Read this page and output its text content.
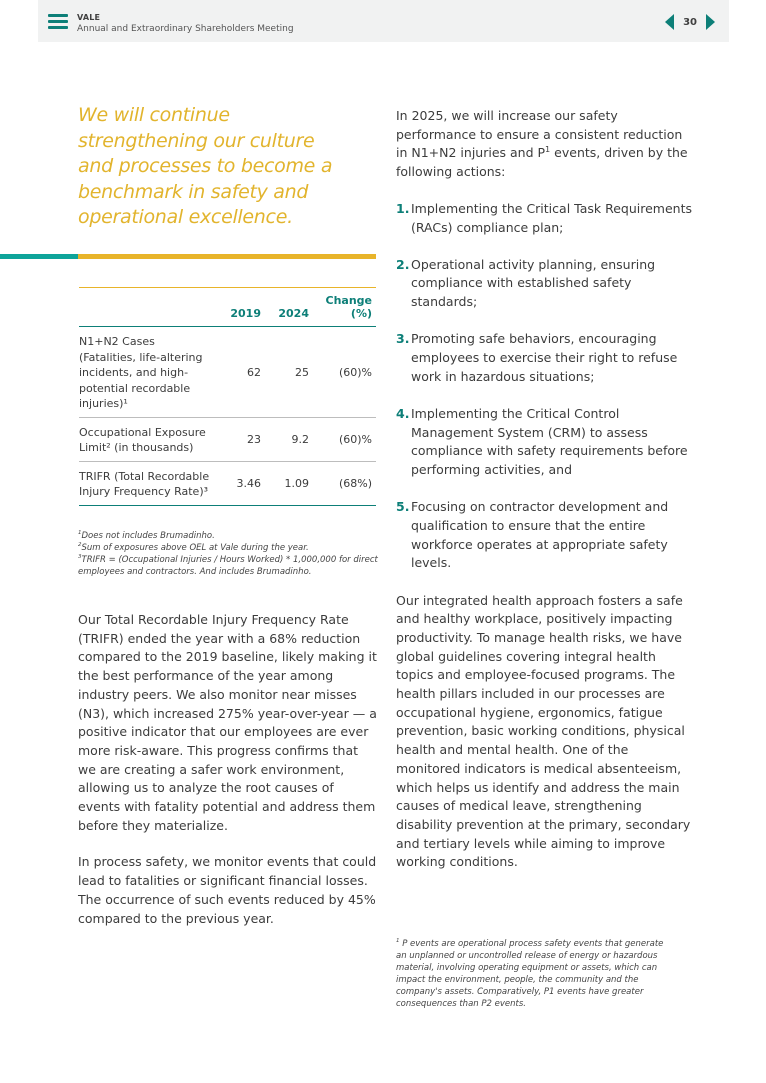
VALE
Annual and Extraordinary Shareholders Meeting
30
We will continue strengthening our culture and processes to become a benchmark in safety and operational excellence.
	2019	2024	Change (%)
N1+N2 Cases (Fatalities, life-altering incidents, and high-potential recordable injuries)¹	62	25	(60)%
Occupational Exposure Limit² (in thousands)	23	9.2	(60)%
TRIFR (Total Recordable Injury Frequency Rate)³	3.46	1.09	(68%)

$^1$Does not includes Brumadinho.

$^2$Sum of exposures above OEL at Vale during the year.

$^3$TRIFR = (Occupational Injuries / Hours Worked) * 1,000,000 for direct employees and contractors. And includes Brumadinho.

Our Total Recordable Injury Frequency Rate (TRIFR) ended the year with a 68% reduction compared to the 2019 baseline, likely making it the best performance of the year among industry peers. We also monitor near misses (N3), which increased 275% year-over-year — a positive indicator that our employees are ever more risk-aware. This progress confirms that we are creating a safer work environment, allowing us to analyze the root causes of events with fatality potential and address them before they materialize.

In process safety, we monitor events that could lead to fatalities or significant financial losses. The occurrence of such events reduced by 45% compared to the previous year.

In 2025, we will increase our safety performance to ensure a consistent reduction in N1+N2 injuries and $P^1$ events, driven by the following actions:

1. Implementing the Critical Task Requirements (RACs) compliance plan;
2. Operational activity planning, ensuring compliance with established safety standards;
3. Promoting safe behaviors, encouraging employees to exercise their right to refuse work in hazardous situations;
4. Implementing the Critical Control Management System (CRM) to assess compliance with safety requirements before performing activities, and
5. Focusing on contractor development and qualification to ensure that the entire workforce operates at appropriate safety levels.

Our integrated health approach fosters a safe and healthy workplace, positively impacting productivity. To manage health risks, we have global guidelines covering integral health topics and employee-focused programs. The health pillars included in our processes are occupational hygiene, ergonomics, fatigue prevention, basic working conditions, physical health and mental health. One of the monitored indicators is medical absenteeism, which helps us identify and address the main causes of medical leave, strengthening disability prevention at the primary, secondary and tertiary levels while aiming to improve working conditions.

$^1$ P events are operational process safety events that generate an unplanned or uncontrolled release of energy or hazardous material, involving operating equipment or assets, which can impact the environment, people, the community and the company's assets. Comparatively, P1 events have greater consequences than P2 events.
